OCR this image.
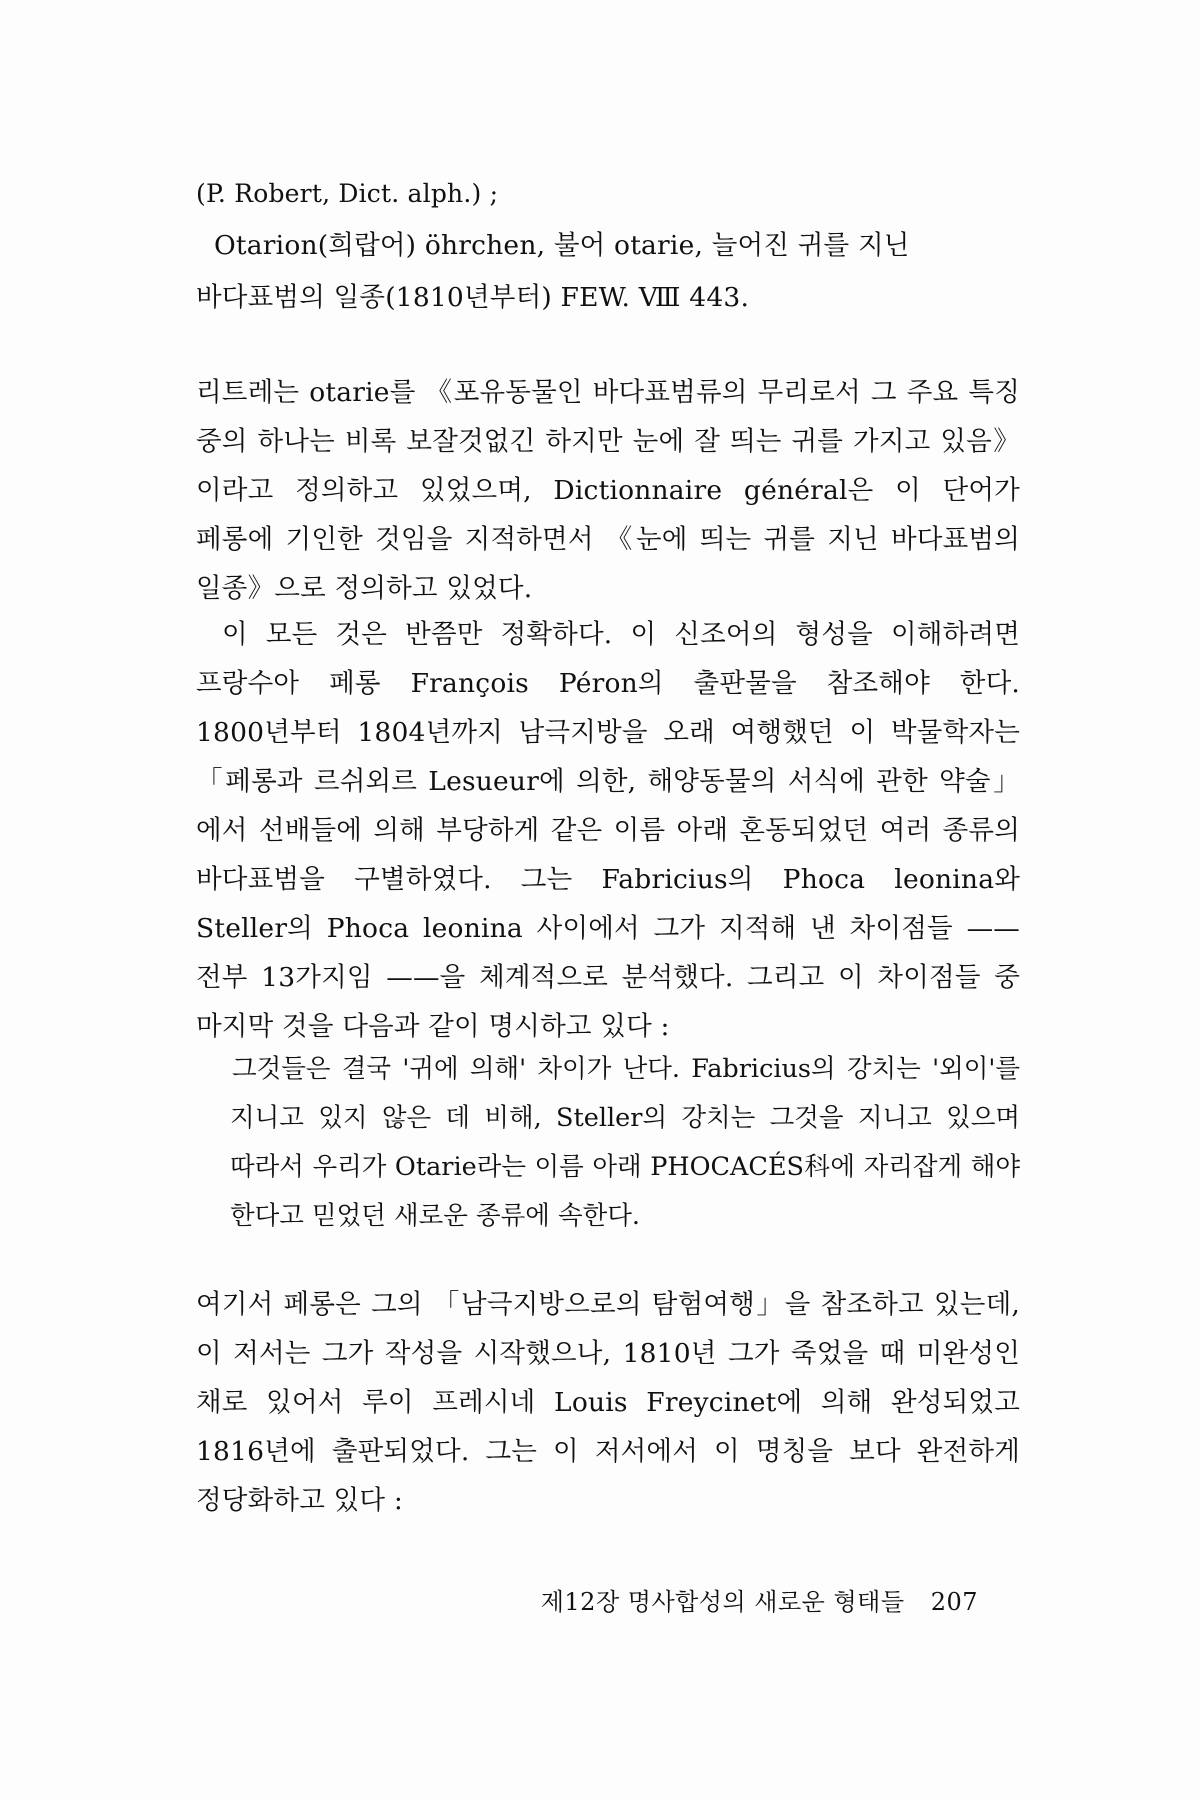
(P. Robert, Dict. alph.) ;

Otarion(희랍어) öhrchen, 불어 otarie, 늘어진 귀를 지닌 바다표범의 일종(1810년부터) FEW. Ⅷ 443.

리트레는 otarie를 《포유동물인 바다표범류의 무리로서 그 주요 특징 중의 하나는 비록 보잘것없긴 하지만 눈에 잘 띄는 귀를 가지고 있음》이라고 정의하고 있었으며, Dictionnaire général은 이 단어가 페롱에 기인한 것임을 지적하면서 《눈에 띄는 귀를 지닌 바다표범의 일종》으로 정의하고 있었다.

이 모든 것은 반쯤만 정확하다. 이 신조어의 형성을 이해하려면 프랑수아 페롱 François Péron의 출판물을 참조해야 한다. 1800년부터 1804년까지 남극지방을 오래 여행했던 이 박물학자는 「페롱과 르쉬외르 Lesueur에 의한, 해양동물의 서식에 관한 약술」에서 선배들에 의해 부당하게 같은 이름 아래 혼동되었던 여러 종류의 바다표범을 구별하였다. 그는 Fabricius의 Phoca leonina와 Steller의 Phoca leonina 사이에서 그가 지적해 낸 차이점들 —— 전부 13가지임 ——을 체계적으로 분석했다. 그리고 이 차이점들 중 마지막 것을 다음과 같이 명시하고 있다 :

그것들은 결국 '귀에 의해' 차이가 난다. Fabricius의 강치는 '외이'를 지니고 있지 않은 데 비해, Steller의 강치는 그것을 지니고 있으며 따라서 우리가 Otarie라는 이름 아래 PHOCACÉS科에 자리잡게 해야 한다고 믿었던 새로운 종류에 속한다.

여기서 페롱은 그의 「남극지방으로의 탐험여행」을 참조하고 있는데, 이 저서는 그가 작성을 시작했으나, 1810년 그가 죽었을 때 미완성인 채로 있어서 루이 프레시네 Louis Freycinet에 의해 완성되었고 1816년에 출판되었다. 그는 이 저서에서 이 명칭을 보다 완전하게 정당화하고 있다 :

제12장 명사합성의 새로운 형태들 207
